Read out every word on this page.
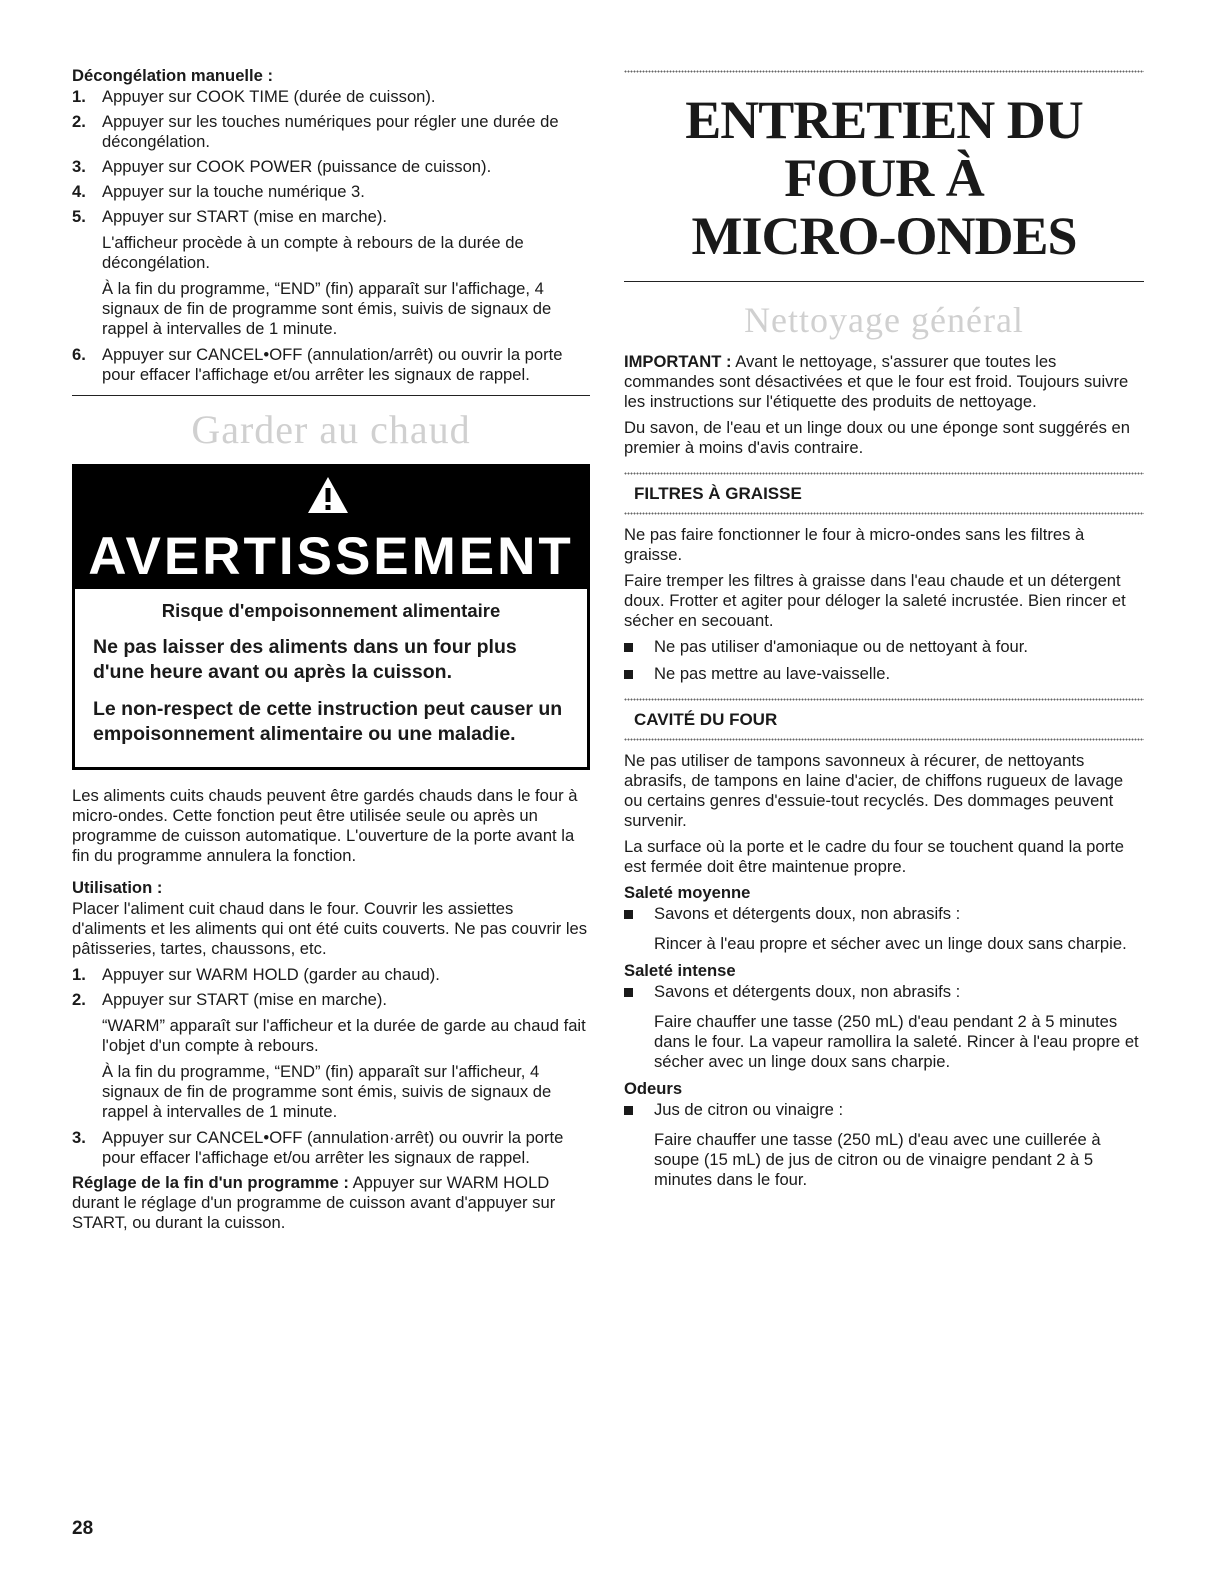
Décongélation manuelle :
1. Appuyer sur COOK TIME (durée de cuisson).
2. Appuyer sur les touches numériques pour régler une durée de décongélation.
3. Appuyer sur COOK POWER (puissance de cuisson).
4. Appuyer sur la touche numérique 3.
5. Appuyer sur START (mise en marche).

L'afficheur procède à un compte à rebours de la durée de décongélation.

À la fin du programme, “END” (fin) apparaît sur l'affichage, 4 signaux de fin de programme sont émis, suivis de signaux de rappel à intervalles de 1 minute.

6. Appuyer sur CANCEL•OFF (annulation/arrêt) ou ouvrir la porte pour effacer l'affichage et/ou arrêter les signaux de rappel.
Garder au chaud
AVERTISSEMENT
Risque d'empoisonnement alimentaire
Ne pas laisser des aliments dans un four plus d'une heure avant ou après la cuisson.
Le non-respect de cette instruction peut causer un empoisonnement alimentaire ou une maladie.

Les aliments cuits chauds peuvent être gardés chauds dans le four à micro-ondes. Cette fonction peut être utilisée seule ou après un programme de cuisson automatique. L'ouverture de la porte avant la fin du programme annulera la fonction.

Utilisation :

Placer l'aliment cuit chaud dans le four. Couvrir les assiettes d'aliments et les aliments qui ont été cuits couverts. Ne pas couvrir les pâtisseries, tartes, chaussons, etc.

1. Appuyer sur WARM HOLD (garder au chaud).
2. Appuyer sur START (mise en marche).

“WARM” apparaît sur l'afficheur et la durée de garde au chaud fait l'objet d'un compte à rebours.

À la fin du programme, “END” (fin) apparaît sur l'afficheur, 4 signaux de fin de programme sont émis, suivis de signaux de rappel à intervalles de 1 minute.

3. Appuyer sur CANCEL•OFF (annulation·arrêt) ou ouvrir la porte pour effacer l'affichage et/ou arrêter les signaux de rappel.

Réglage de la fin d'un programme : Appuyer sur WARM HOLD durant le réglage d'un programme de cuisson avant d'appuyer sur START, ou durant la cuisson.

ENTRETIEN DU FOUR À
MICRO-ONDES
Nettoyage général

IMPORTANT : Avant le nettoyage, s'assurer que toutes les commandes sont désactivées et que le four est froid. Toujours suivre les instructions sur l'étiquette des produits de nettoyage.

Du savon, de l'eau et un linge doux ou une éponge sont suggérés en premier à moins d'avis contraire.

FILTRES À GRAISSE

Ne pas faire fonctionner le four à micro-ondes sans les filtres à graisse.

Faire tremper les filtres à graisse dans l'eau chaude et un détergent doux. Frotter et agiter pour déloger la saleté incrustée. Bien rincer et sécher en secouant.

Ne pas utiliser d'amoniaque ou de nettoyant à four.
Ne pas mettre au lave-vaisselle.
CAVITÉ DU FOUR

Ne pas utiliser de tampons savonneux à récurer, de nettoyants abrasifs, de tampons en laine d'acier, de chiffons rugueux de lavage ou certains genres d'essuie-tout recyclés. Des dommages peuvent survenir.

La surface où la porte et le cadre du four se touchent quand la porte est fermée doit être maintenue propre.

Saleté moyenne
Savons et détergents doux, non abrasifs :

Rincer à l'eau propre et sécher avec un linge doux sans charpie.

Saleté intense
Savons et détergents doux, non abrasifs :

Faire chauffer une tasse (250 mL) d'eau pendant 2 à 5 minutes dans le four. La vapeur ramollira la saleté. Rincer à l'eau propre et sécher avec un linge doux sans charpie.

Odeurs
Jus de citron ou vinaigre :

Faire chauffer une tasse (250 mL) d'eau avec une cuillerée à soupe (15 mL) de jus de citron ou de vinaigre pendant 2 à 5 minutes dans le four.

28
